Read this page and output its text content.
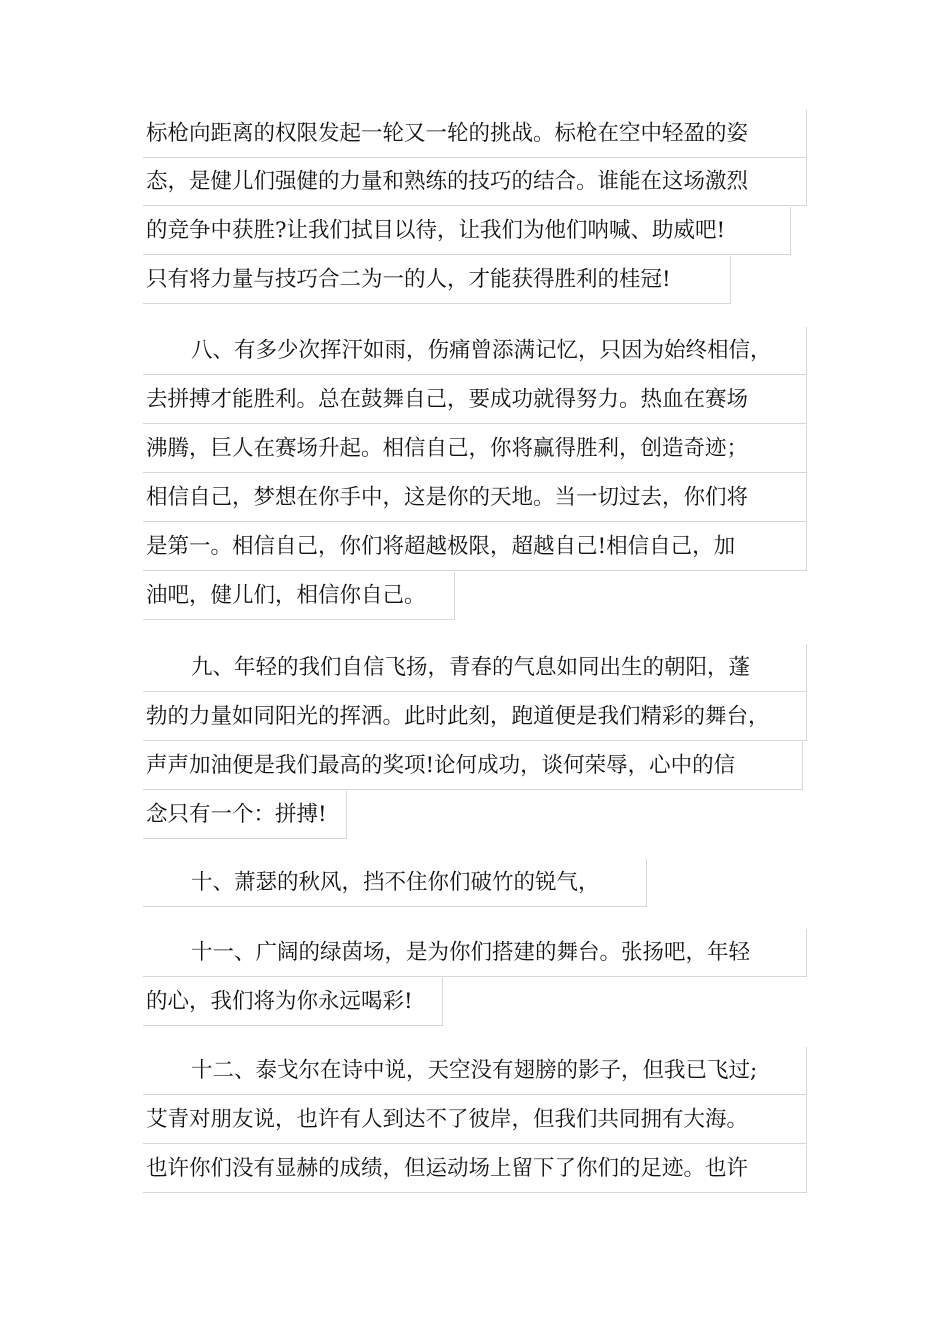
标枪向距离的权限发起一轮又一轮的挑战。标枪在空中轻盈的姿
态，是健儿们强健的力量和熟练的技巧的结合。谁能在这场激烈
的竞争中获胜?让我们拭目以待，让我们为他们呐喊、助威吧!
只有将力量与技巧合二为一的人，才能获得胜利的桂冠!
八、有多少次挥汗如雨，伤痛曾添满记忆，只因为始终相信，
去拼搏才能胜利。总在鼓舞自己，要成功就得努力。热血在赛场
沸腾，巨人在赛场升起。相信自己，你将赢得胜利，创造奇迹；
相信自己，梦想在你手中，这是你的天地。当一切过去，你们将
是第一。相信自己，你们将超越极限，超越自己!相信自己，加
油吧，健儿们，相信你自己。
九、年轻的我们自信飞扬，青春的气息如同出生的朝阳，蓬
勃的力量如同阳光的挥洒。此时此刻，跑道便是我们精彩的舞台，
声声加油便是我们最高的奖项!论何成功，谈何荣辱，心中的信
念只有一个：拼搏!
十、萧瑟的秋风，挡不住你们破竹的锐气，
十一、广阔的绿茵场，是为你们搭建的舞台。张扬吧，年轻
的心，我们将为你永远喝彩!
十二、泰戈尔在诗中说，天空没有翅膀的影子，但我已飞过;
艾青对朋友说，也许有人到达不了彼岸，但我们共同拥有大海。
也许你们没有显赫的成绩，但运动场上留下了你们的足迹。也许
